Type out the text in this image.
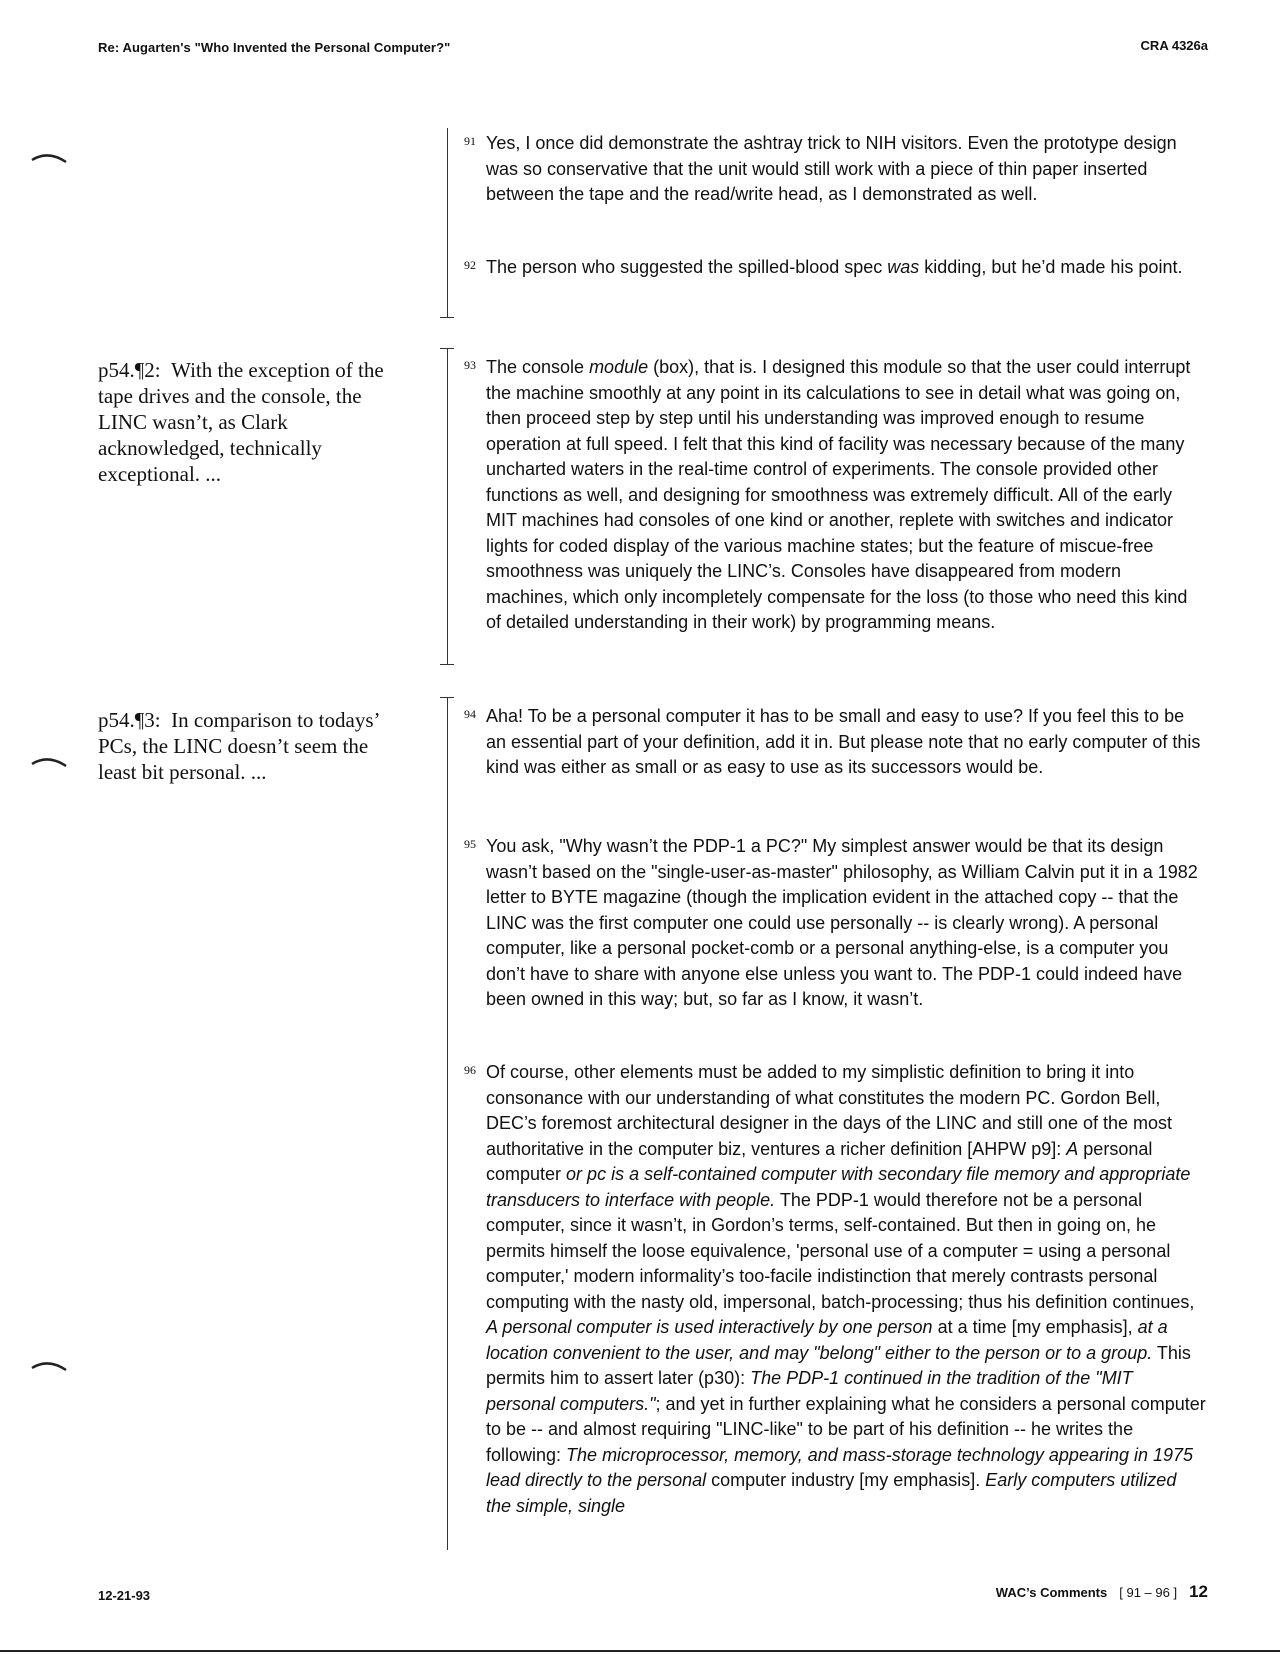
Re: Augarten's "Who Invented the Personal Computer?"	CRA 4326a
p54.¶2: With the exception of the tape drives and the console, the LINC wasn’t, as Clark acknowledged, technically exceptional. ...
p54.¶3: In comparison to todays’ PCs, the LINC doesn’t seem the least bit personal. ...
91 Yes, I once did demonstrate the ashtray trick to NIH visitors. Even the prototype design was so conservative that the unit would still work with a piece of thin paper inserted between the tape and the read/write head, as I demonstrated as well.
92 The person who suggested the spilled-blood spec was kidding, but he’d made his point.
93 The console module (box), that is. I designed this module so that the user could interrupt the machine smoothly at any point in its calculations to see in detail what was going on, then proceed step by step until his understanding was improved enough to resume operation at full speed. I felt that this kind of facility was necessary because of the many uncharted waters in the real-time control of experiments. The console provided other functions as well, and designing for smoothness was extremely difficult. All of the early MIT machines had consoles of one kind or another, replete with switches and indicator lights for coded display of the various machine states; but the feature of miscue-free smoothness was uniquely the LINC’s. Consoles have disappeared from modern machines, which only incompletely compensate for the loss (to those who need this kind of detailed understanding in their work) by programming means.
94 Aha! To be a personal computer it has to be small and easy to use? If you feel this to be an essential part of your definition, add it in. But please note that no early computer of this kind was either as small or as easy to use as its successors would be.
95 You ask, "Why wasn’t the PDP-1 a PC?" My simplest answer would be that its design wasn’t based on the "single-user-as-master" philosophy, as William Calvin put it in a 1982 letter to BYTE magazine (though the implication evident in the attached copy -- that the LINC was the first computer one could use personally -- is clearly wrong). A personal computer, like a personal pocket-comb or a personal anything-else, is a computer you don’t have to share with anyone else unless you want to. The PDP-1 could indeed have been owned in this way; but, so far as I know, it wasn’t.
96 Of course, other elements must be added to my simplistic definition to bring it into consonance with our understanding of what constitutes the modern PC. Gordon Bell, DEC’s foremost architectural designer in the days of the LINC and still one of the most authoritative in the computer biz, ventures a richer definition [AHPW p9]: A personal computer or pc is a self-contained computer with secondary file memory and appropriate transducers to interface with people. The PDP-1 would therefore not be a personal computer, since it wasn’t, in Gordon’s terms, self-contained. But then in going on, he permits himself the loose equivalence, 'personal use of a computer = using a personal computer,' modern informality’s too-facile indistinction that merely contrasts personal computing with the nasty old, impersonal, batch-processing; thus his definition continues, A personal computer is used interactively by one person at a time [my emphasis], at a location convenient to the user, and may "belong" either to the person or to a group. This permits him to assert later (p30): The PDP-1 continued in the tradition of the "MIT personal computers."; and yet in further explaining what he considers a personal computer to be -- and almost requiring "LINC-like" to be part of his definition -- he writes the following: The microprocessor, memory, and mass-storage technology appearing in 1975 lead directly to the personal computer industry [my emphasis]. Early computers utilized the simple, single
12-21-93	WAC’s Comments [ 91 – 96 ] 12
